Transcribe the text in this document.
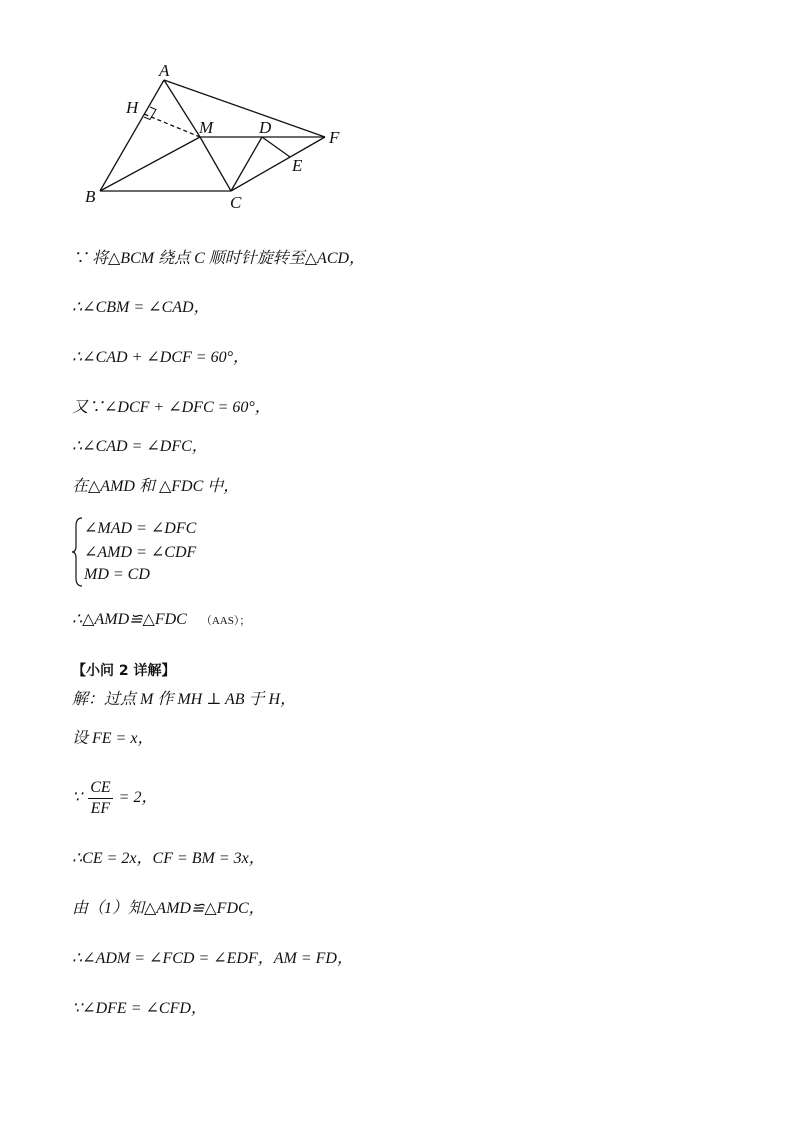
A
H
M	D
F
E
B	C
∵ 将△BCM 绕点 C 顺时针旋转至△ACD，
∴∠CBM = ∠CAD，
∴∠CAD + ∠DCF = 60°，
又∵∠DCF + ∠DFC = 60°，
∴∠CAD = ∠DFC，
在△AMD 和 △FDC 中，
∠MAD = ∠DFC
∠AMD = ∠CDF
MD = CD
∴△AMD≌△FDC （AAS）；
【小问 2 详解】
解：过点 M 作 MH ⊥ AB 于 H，
设 FE = x，
∵ $\frac{CE}{EF} = 2$，
∴CE = 2x，CF = BM = 3x，
由（1）知△AMD≌△FDC，
∴∠ADM = ∠FCD = ∠EDF，AM = FD，
∵∠DFE = ∠CFD，
